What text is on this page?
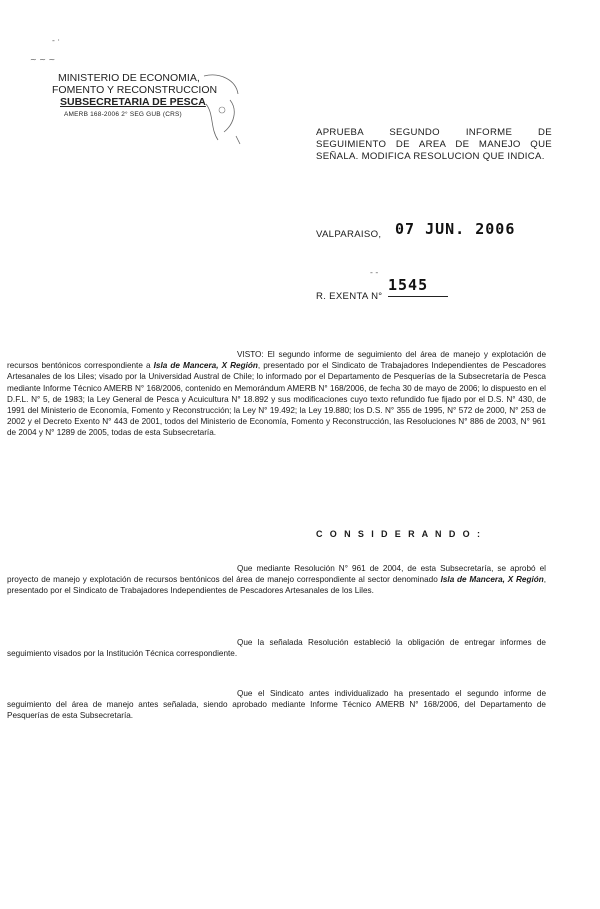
- ·
~ ~ ~
MINISTERIO DE ECONOMIA,
FOMENTO Y RECONSTRUCCION
SUBSECRETARIA DE PESCA
AMERB 168-2006 2° SEG GUB (CRS)
APRUEBA SEGUNDO INFORME DE SEGUIMIENTO DE AREA DE MANEJO QUE SEÑALA. MODIFICA RESOLUCION QUE INDICA.
VALPARAISO, 07 JUN. 2006
- -
R. EXENTA N°
1545
VISTO: El segundo informe de seguimiento del área de manejo y explotación de recursos bentónicos correspondiente a Isla de Mancera, X Región, presentado por el Sindicato de Trabajadores Independientes de Pescadores Artesanales de los Liles; visado por la Universidad Austral de Chile; lo informado por el Departamento de Pesquerías de la Subsecretaría de Pesca mediante Informe Técnico AMERB N° 168/2006, contenido en Memorándum AMERB N° 168/2006, de fecha 30 de mayo de 2006; lo dispuesto en el D.F.L. N° 5, de 1983; la Ley General de Pesca y Acuicultura N° 18.892 y sus modificaciones cuyo texto refundido fue fijado por el D.S. N° 430, de 1991 del Ministerio de Economía, Fomento y Reconstrucción; la Ley N° 19.492; la Ley 19.880; los D.S. N° 355 de 1995, N° 572 de 2000, N° 253 de 2002 y el Decreto Exento N° 443 de 2001, todos del Ministerio de Economía, Fomento y Reconstrucción, las Resoluciones N° 886 de 2003, N° 961 de 2004 y N° 1289 de 2005, todas de esta Subsecretaría.
C O N S I D E R A N D O :
Que mediante Resolución N° 961 de 2004, de esta Subsecretaría, se aprobó el proyecto de manejo y explotación de recursos bentónicos del área de manejo correspondiente al sector denominado Isla de Mancera, X Región, presentado por el Sindicato de Trabajadores Independientes de Pescadores Artesanales de los Liles.
Que la señalada Resolución estableció la obligación de entregar informes de seguimiento visados por la Institución Técnica correspondiente.
Que el Sindicato antes individualizado ha presentado el segundo informe de seguimiento del área de manejo antes señalada, siendo aprobado mediante Informe Técnico AMERB N° 168/2006, del Departamento de Pesquerías de esta Subsecretaría.
